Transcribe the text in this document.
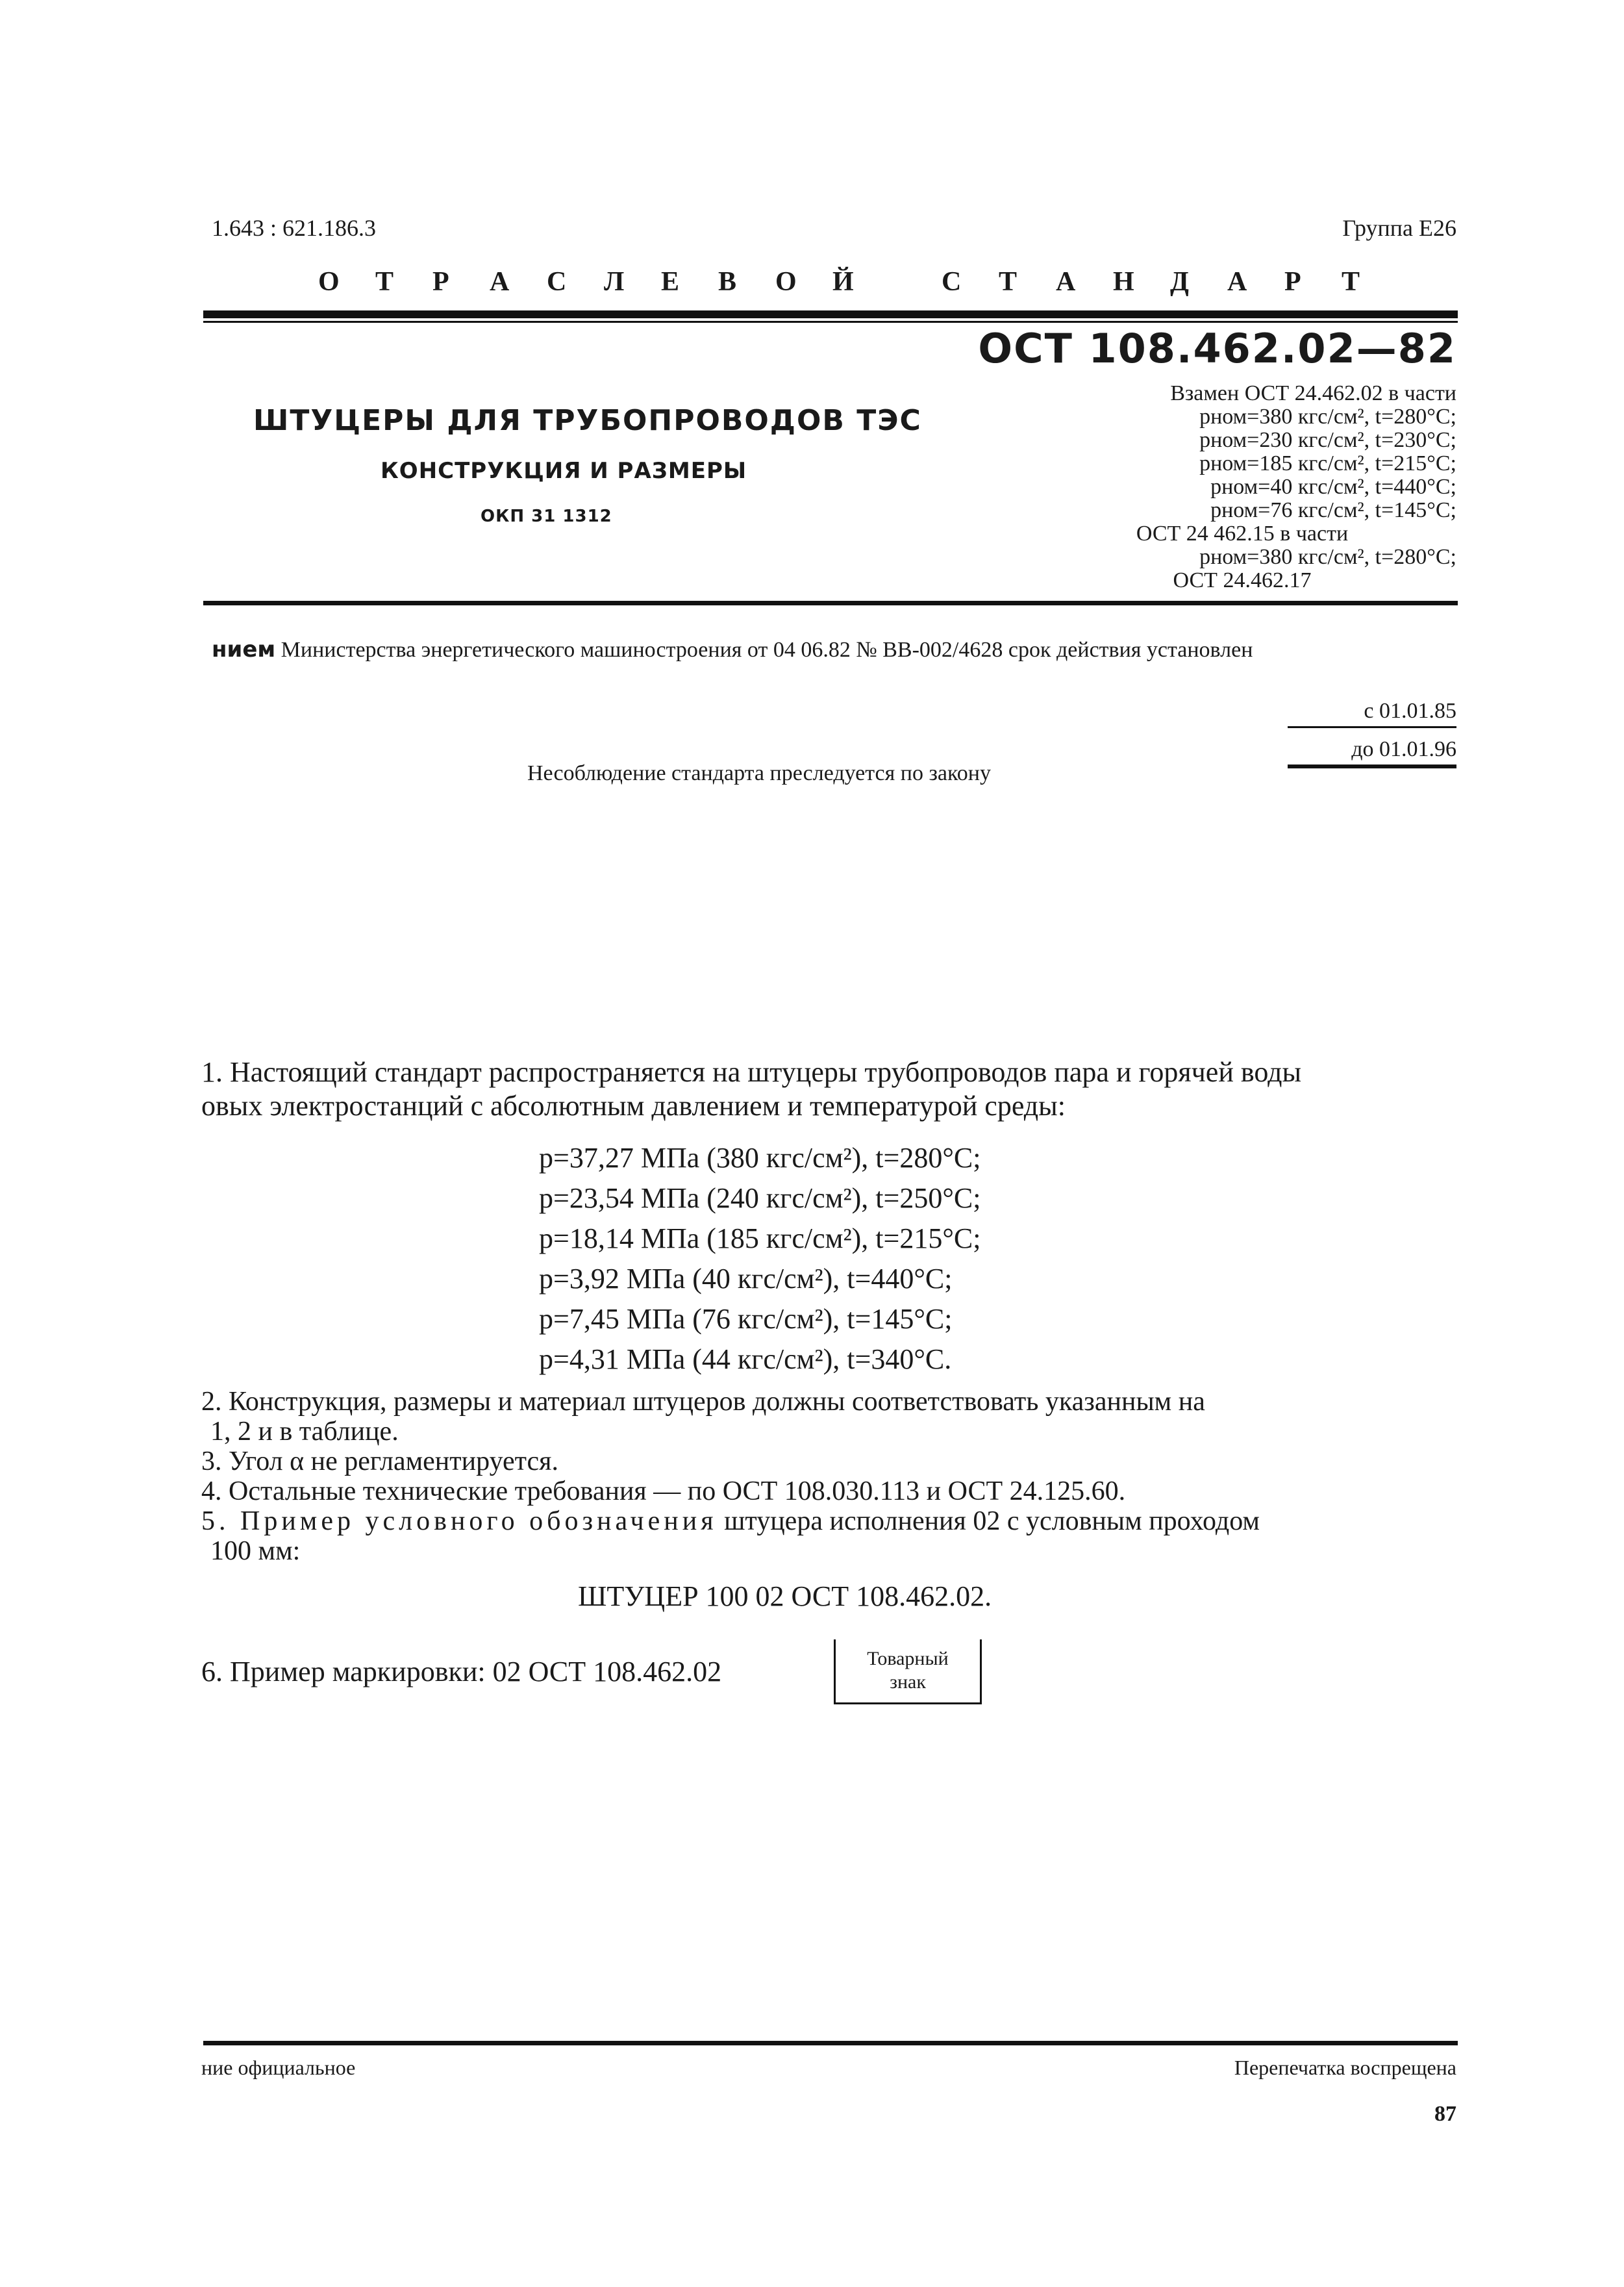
1.643 : 621.186.3	Группа Е26
О Т Р А С Л Е В О Й	С Т А Н Д А Р Т
ОСТ 108.462.02—82
ШТУЦЕРЫ ДЛЯ ТРУБОПРОВОДОВ ТЭС
КОНСТРУКЦИЯ И РАЗМЕРЫ
ОКП 31 1312
Взамен ОСТ 24.462.02 в части
pном=380 кгс/см², t=280°C;
pном=230 кгс/см², t=230°C;
pном=185 кгс/см², t=215°C;
pном=40 кгс/см², t=440°C;
pном=76 кгс/см², t=145°C;
ОСТ 24 462.15 в части
pном=380 кгс/см², t=280°C;
ОСТ 24.462.17
нием Министерства энергетического машиностроения от 04 06.82 № ВВ-002/4628 срок действия установлен
с 01.01.85
до 01.01.96
Несоблюдение стандарта преследуется по закону
1. Настоящий стандарт распространяется на штуцеры трубопроводов пара и горячей воды
овых электростанций с абсолютным давлением и температурой среды:
p=37,27 МПа (380 кгс/см²), t=280°C;
p=23,54 МПа (240 кгс/см²), t=250°C;
p=18,14 МПа (185 кгс/см²), t=215°C;
p=3,92 МПа (40 кгс/см²), t=440°C;
p=7,45 МПа (76 кгс/см²), t=145°C;
p=4,31 МПа (44 кгс/см²), t=340°C.

2. Конструкция, размеры и материал штуцеров должны соответствовать указанным на

1, 2 и в таблице.

3. Угол α не регламентируется.

4. Остальные технические требования — по ОСТ 108.030.113 и ОСТ 24.125.60.

5. Пример условного обозначения штуцера исполнения 02 с условным проходом

100 мм:

ШТУЦЕР 100 02 ОСТ 108.462.02.
6. Пример маркировки: 02 ОСТ 108.462.02	Товарный
знак
ние официальное	Перепечатка воспрещена
87
